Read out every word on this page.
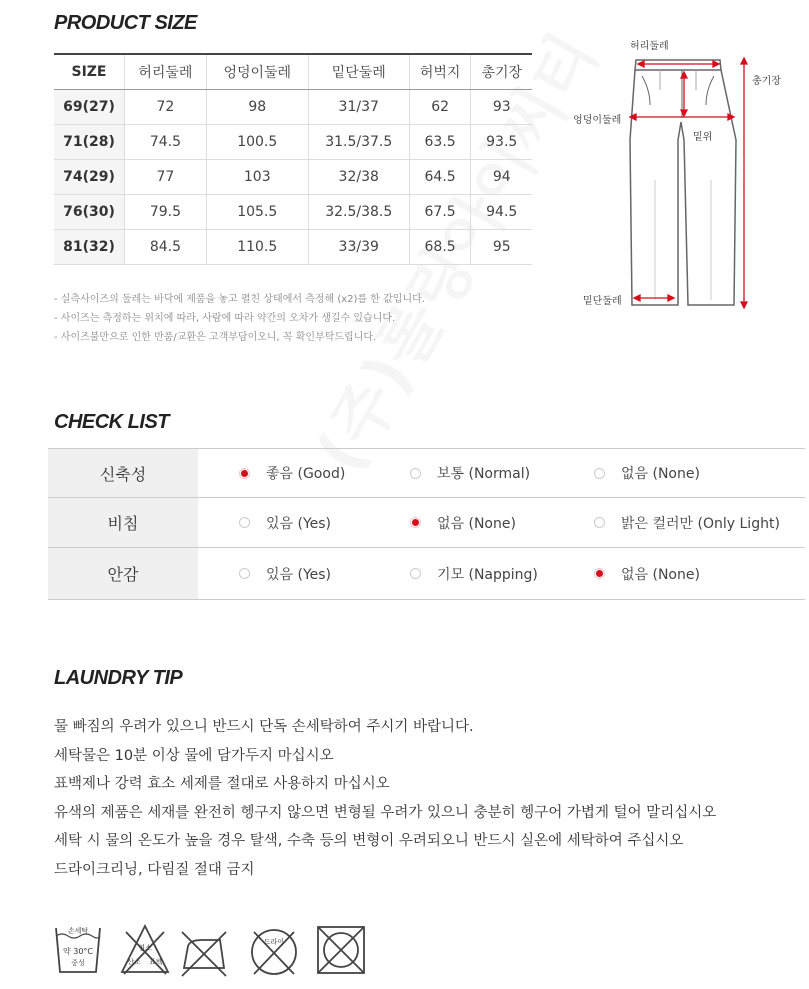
PRODUCT SIZE
SIZE	허리둘레	엉덩이둘레	밑단둘레	허벅지	총기장
69(27)	72	98	31/37	62	93
71(28)	74.5	100.5	31.5/37.5	63.5	93.5
74(29)	77	103	32/38	64.5	94
76(30)	79.5	105.5	32.5/38.5	67.5	94.5
81(32)	84.5	110.5	33/39	68.5	95
- 실측사이즈의 둘레는 바닥에 제품을 놓고 펼친 상태에서 측정해 (x2)를 한 값입니다.
- 사이즈는 측정하는 위치에 따라, 사람에 따라 약간의 오차가 생길수 있습니다.
- 사이즈불만으로 인한 반품/교환은 고객부담이오니, 꼭 확인부탁드립니다.
허리둘레
엉덩이둘레
밑위
총기장
밑단둘레
CHECK LIST
신축성	좋음 (Good)	보통 (Normal)	없음 (None)
비침	있음 (Yes)	없음 (None)	밝은 컬러만 (Only Light)
안감	있음 (Yes)	기모 (Napping)	없음 (None)
LAUNDRY TIP
물 빠짐의 우려가 있으니 반드시 단독 손세탁하여 주시기 바랍니다.
세탁물은 10분 이상 물에 담가두지 마십시오
표백제나 강력 효소 세제를 절대로 사용하지 마십시오
유색의 제품은 세재를 완전히 헹구지 않으면 변형될 우려가 있으니 충분히 헹구어 가볍게 털어 말리십시오
세탁 시 물의 온도가 높을 경우 탈색, 수축 등의 변형이 우려되오니 반드시 실온에 세탁하여 주십시오
드라이크리닝, 다림질 절대 금지
손세탁
약 30°C
중성
염소
산소 표백
드라이
